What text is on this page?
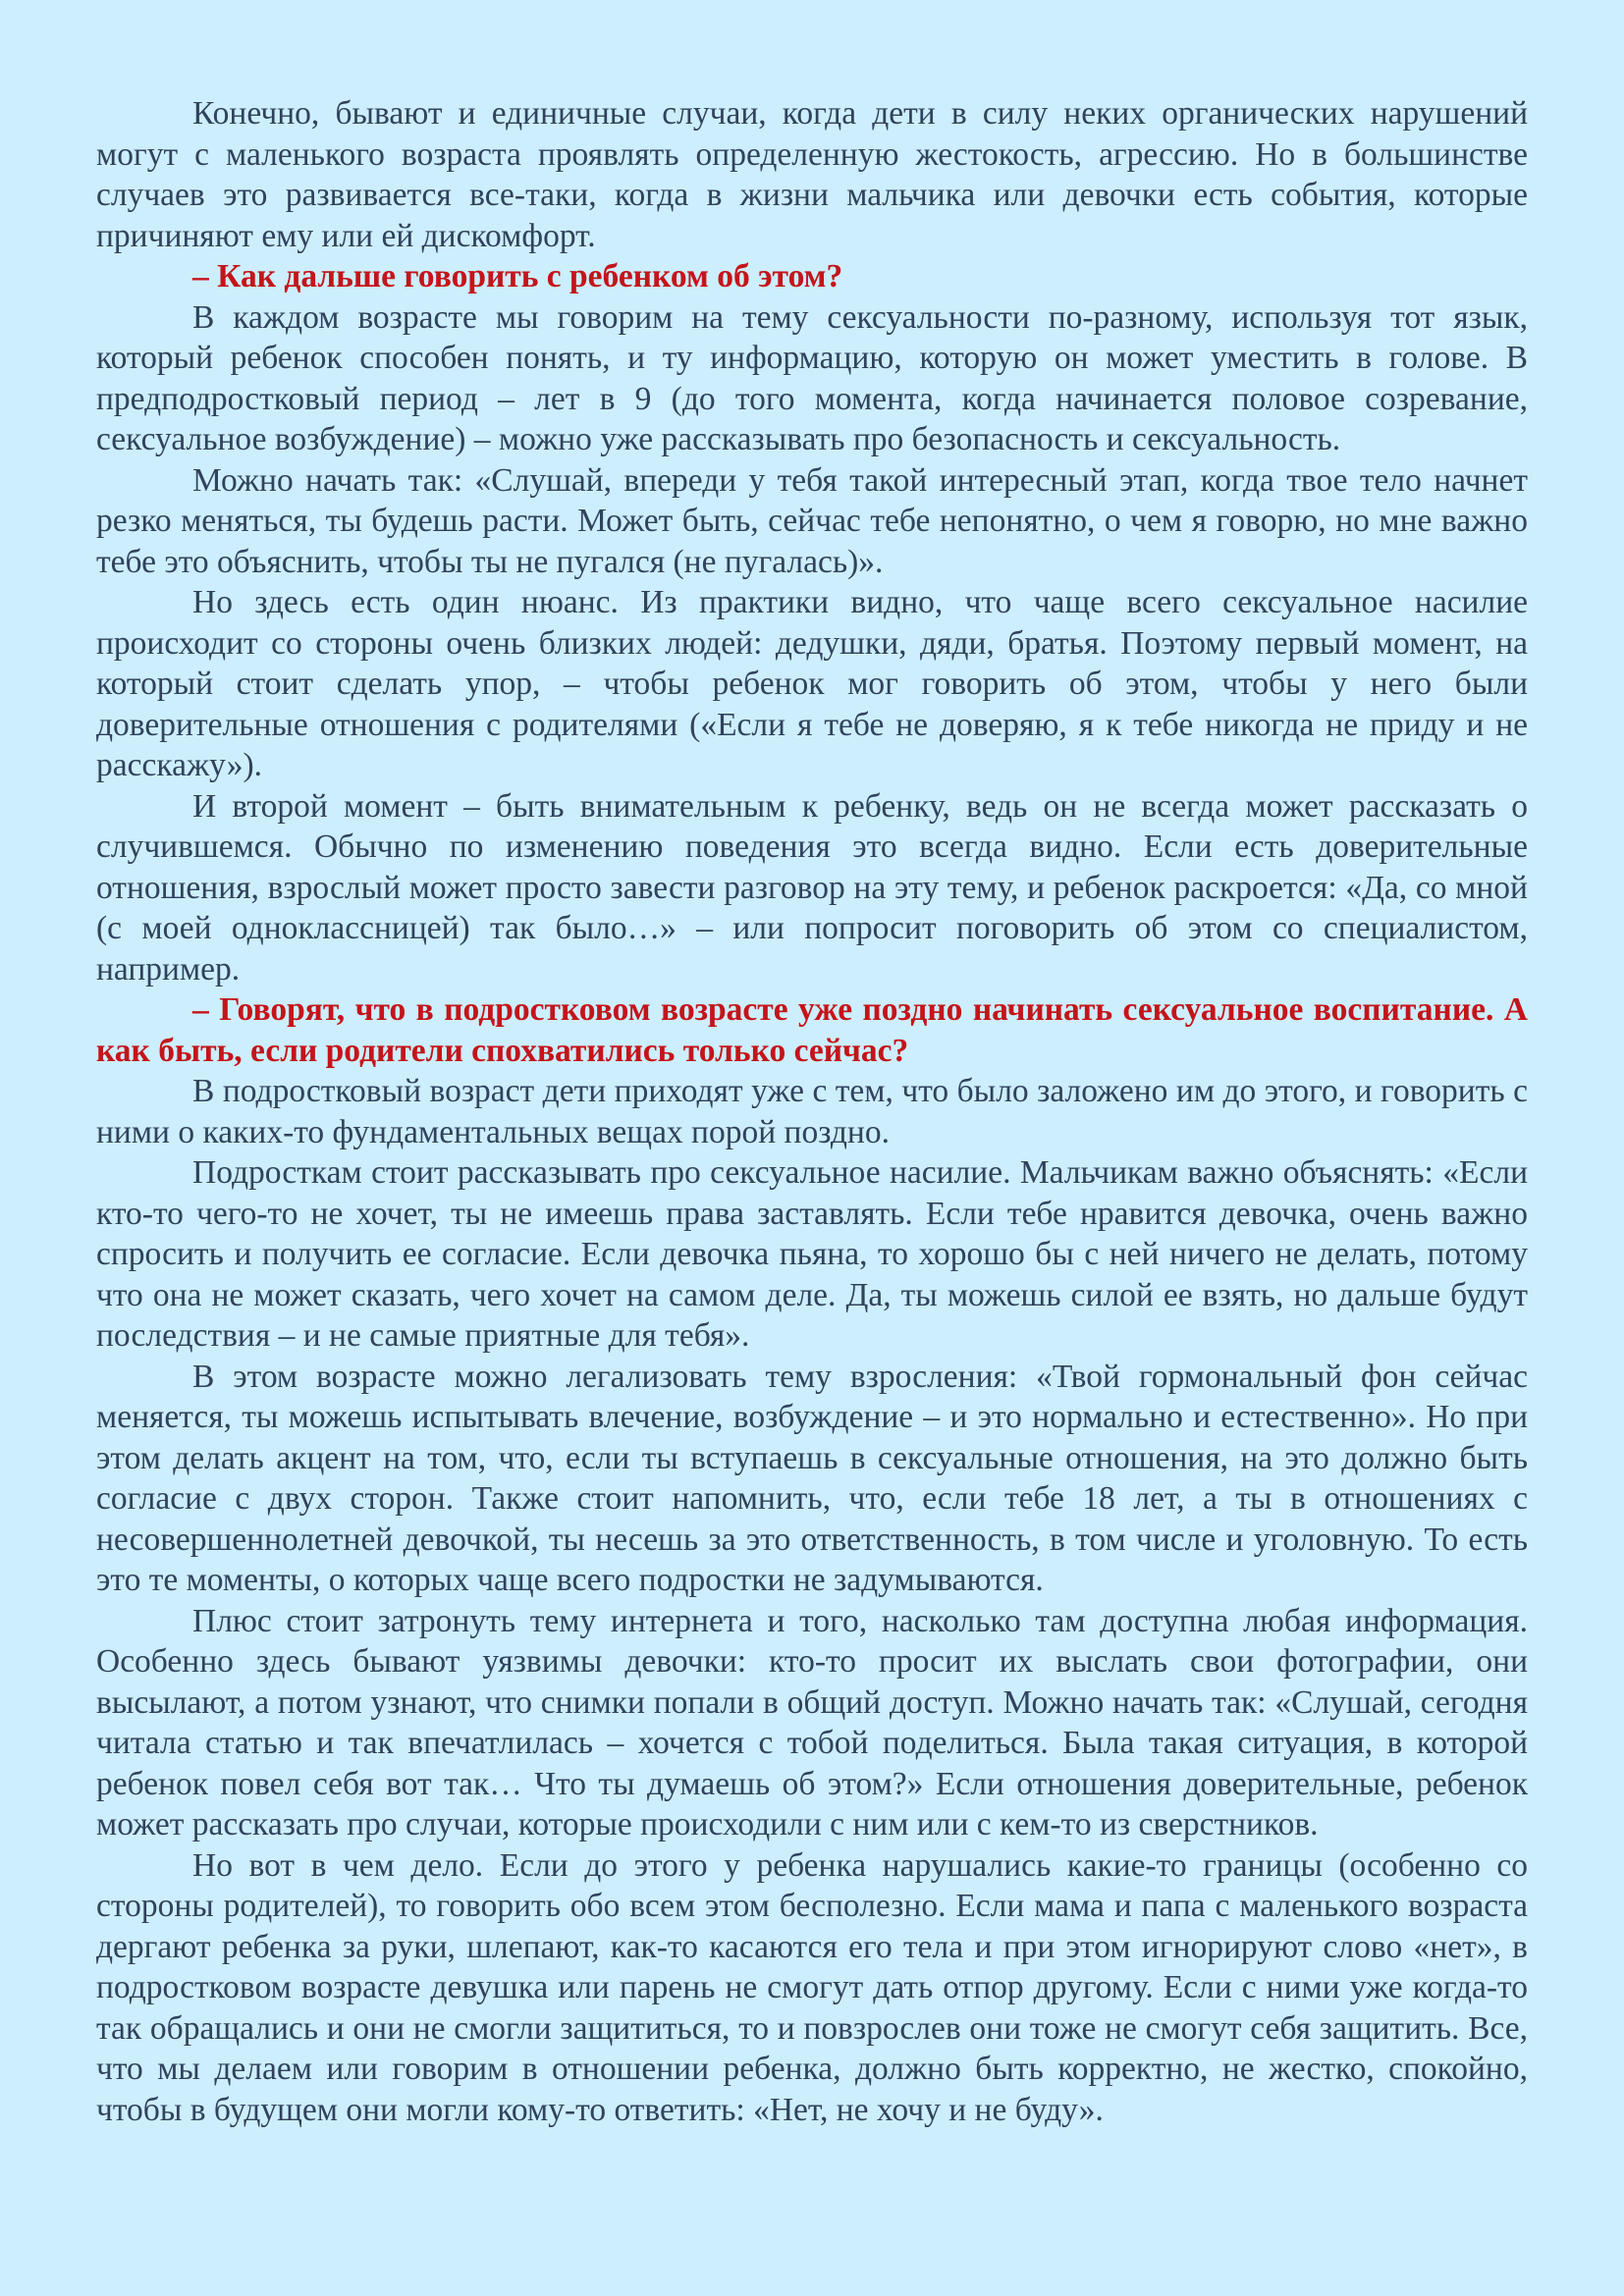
Конечно, бывают и единичные случаи, когда дети в силу неких органических нарушений могут с маленького возраста проявлять определенную жестокость, агрессию. Но в большинстве случаев это развивается все-таки, когда в жизни мальчика или девочки есть события, которые причиняют ему или ей дискомфорт.

– Как дальше говорить с ребенком об этом?

В каждом возрасте мы говорим на тему сексуальности по-разному, используя тот язык, который ребенок способен понять, и ту информацию, которую он может уместить в голове. В предподростковый период – лет в 9 (до того момента, когда начинается половое созревание, сексуальное возбуждение) – можно уже рассказывать про безопасность и сексуальность.

Можно начать так: «Слушай, впереди у тебя такой интересный этап, когда твое тело начнет резко меняться, ты будешь расти. Может быть, сейчас тебе непонятно, о чем я говорю, но мне важно тебе это объяснить, чтобы ты не пугался (не пугалась)».

Но здесь есть один нюанс. Из практики видно, что чаще всего сексуальное насилие происходит со стороны очень близких людей: дедушки, дяди, братья. Поэтому первый момент, на который стоит сделать упор, – чтобы ребенок мог говорить об этом, чтобы у него были доверительные отношения с родителями («Если я тебе не доверяю, я к тебе никогда не приду и не расскажу»).

И второй момент – быть внимательным к ребенку, ведь он не всегда может рассказать о случившемся. Обычно по изменению поведения это всегда видно. Если есть доверительные отношения, взрослый может просто завести разговор на эту тему, и ребенок раскроется: «Да, со мной (с моей одноклассницей) так было…» – или попросит поговорить об этом со специалистом, например.

– Говорят, что в подростковом возрасте уже поздно начинать сексуальное воспитание. А как быть, если родители спохватились только сейчас?

В подростковый возраст дети приходят уже с тем, что было заложено им до этого, и говорить с ними о каких-то фундаментальных вещах порой поздно.

Подросткам стоит рассказывать про сексуальное насилие. Мальчикам важно объяснять: «Если кто-то чего-то не хочет, ты не имеешь права заставлять. Если тебе нравится девочка, очень важно спросить и получить ее согласие. Если девочка пьяна, то хорошо бы с ней ничего не делать, потому что она не может сказать, чего хочет на самом деле. Да, ты можешь силой ее взять, но дальше будут последствия – и не самые приятные для тебя».

В этом возрасте можно легализовать тему взросления: «Твой гормональный фон сейчас меняется, ты можешь испытывать влечение, возбуждение – и это нормально и естественно». Но при этом делать акцент на том, что, если ты вступаешь в сексуальные отношения, на это должно быть согласие с двух сторон. Также стоит напомнить, что, если тебе 18 лет, а ты в отношениях с несовершеннолетней девочкой, ты несешь за это ответственность, в том числе и уголовную. То есть это те моменты, о которых чаще всего подростки не задумываются.

Плюс стоит затронуть тему интернета и того, насколько там доступна любая информация. Особенно здесь бывают уязвимы девочки: кто-то просит их выслать свои фотографии, они высылают, а потом узнают, что снимки попали в общий доступ. Можно начать так: «Слушай, сегодня читала статью и так впечатлилась – хочется с тобой поделиться. Была такая ситуация, в которой ребенок повел себя вот так… Что ты думаешь об этом?» Если отношения доверительные, ребенок может рассказать про случаи, которые происходили с ним или с кем-то из сверстников.

Но вот в чем дело. Если до этого у ребенка нарушались какие-то границы (особенно со стороны родителей), то говорить обо всем этом бесполезно. Если мама и папа с маленького возраста дергают ребенка за руки, шлепают, как-то касаются его тела и при этом игнорируют слово «нет», в подростковом возрасте девушка или парень не смогут дать отпор другому. Если с ними уже когда-то так обращались и они не смогли защититься, то и повзрослев они тоже не смогут себя защитить. Все, что мы делаем или говорим в отношении ребенка, должно быть корректно, не жестко, спокойно, чтобы в будущем они могли кому-то ответить: «Нет, не хочу и не буду».
